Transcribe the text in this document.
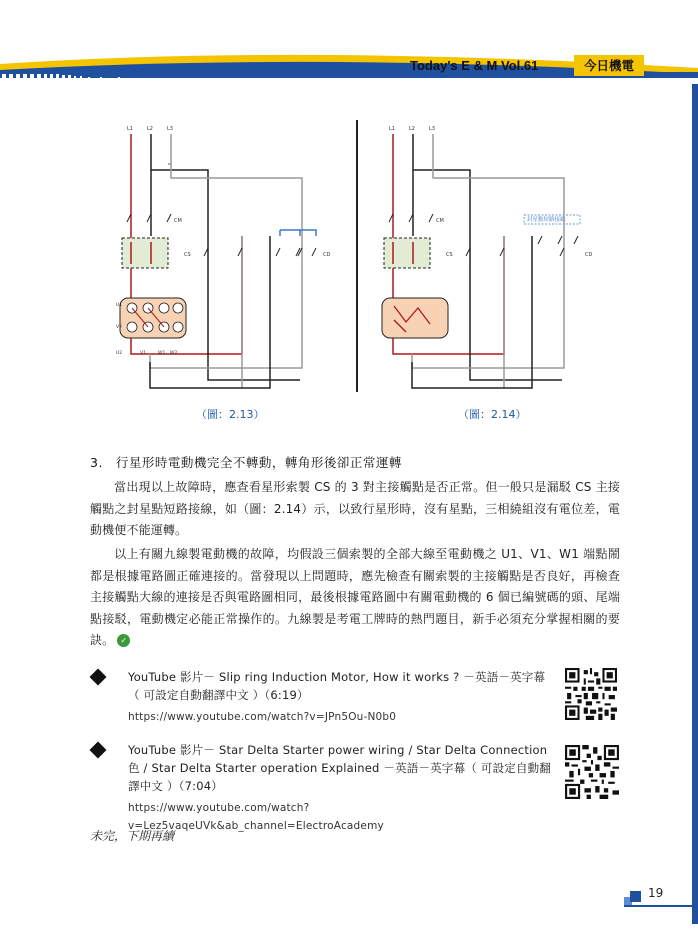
Today's E & M Vol.61	今日機電
L1	L2	L3
CM
CS	CD
U1
V1	W1
U2
V2
W2
（圖：2.13）
L1	L2	L3
CM
CS	CD
封星點短路接線
（圖：2.14）
3.　行星形時電動機完全不轉動，轉角形後卻正常運轉
當出現以上故障時，應查看星形索製 CS 的 3 對主接觸點是否正常。但一般只是漏駁 CS 主接觸點之封星點短路接線，如（圖：2.14）示，以致行星形時，沒有星點，三相繞組沒有電位差，電動機便不能運轉。
以上有關九線製電動機的故障，均假設三個索製的全部大線至電動機之 U1、V1、W1 端點鬧都是根據電路圖正確連接的。當發現以上問題時，應先檢查有關索製的主接觸點是否良好，再檢查主接觸點大線的連接是否與電路圖相同，最後根據電路圖中有關電動機的 6 個已編號碼的頭、尾端點接駁，電動機定必能正常操作的。九線製是考電工牌時的熱門題目，新手必須充分掌握相關的要訣。 ✓
YouTube 影片－ Slip ring Induction Motor, How it works ? －英語－英字幕（ 可設定自動翻譯中文 ）（6:19）
https://www.youtube.com/watch?v=JPn5Ou-N0b0
YouTube 影片－ Star Delta Starter power wiring / Star Delta Connection 色 / Star Delta Starter operation Explained －英語－英字幕（ 可設定自動翻譯中文 ）（7:04）
https://www.youtube.com/watch?v=Lez5vaqeUVk&ab_channel=ElectroAcademy
未完，下期再續
19
